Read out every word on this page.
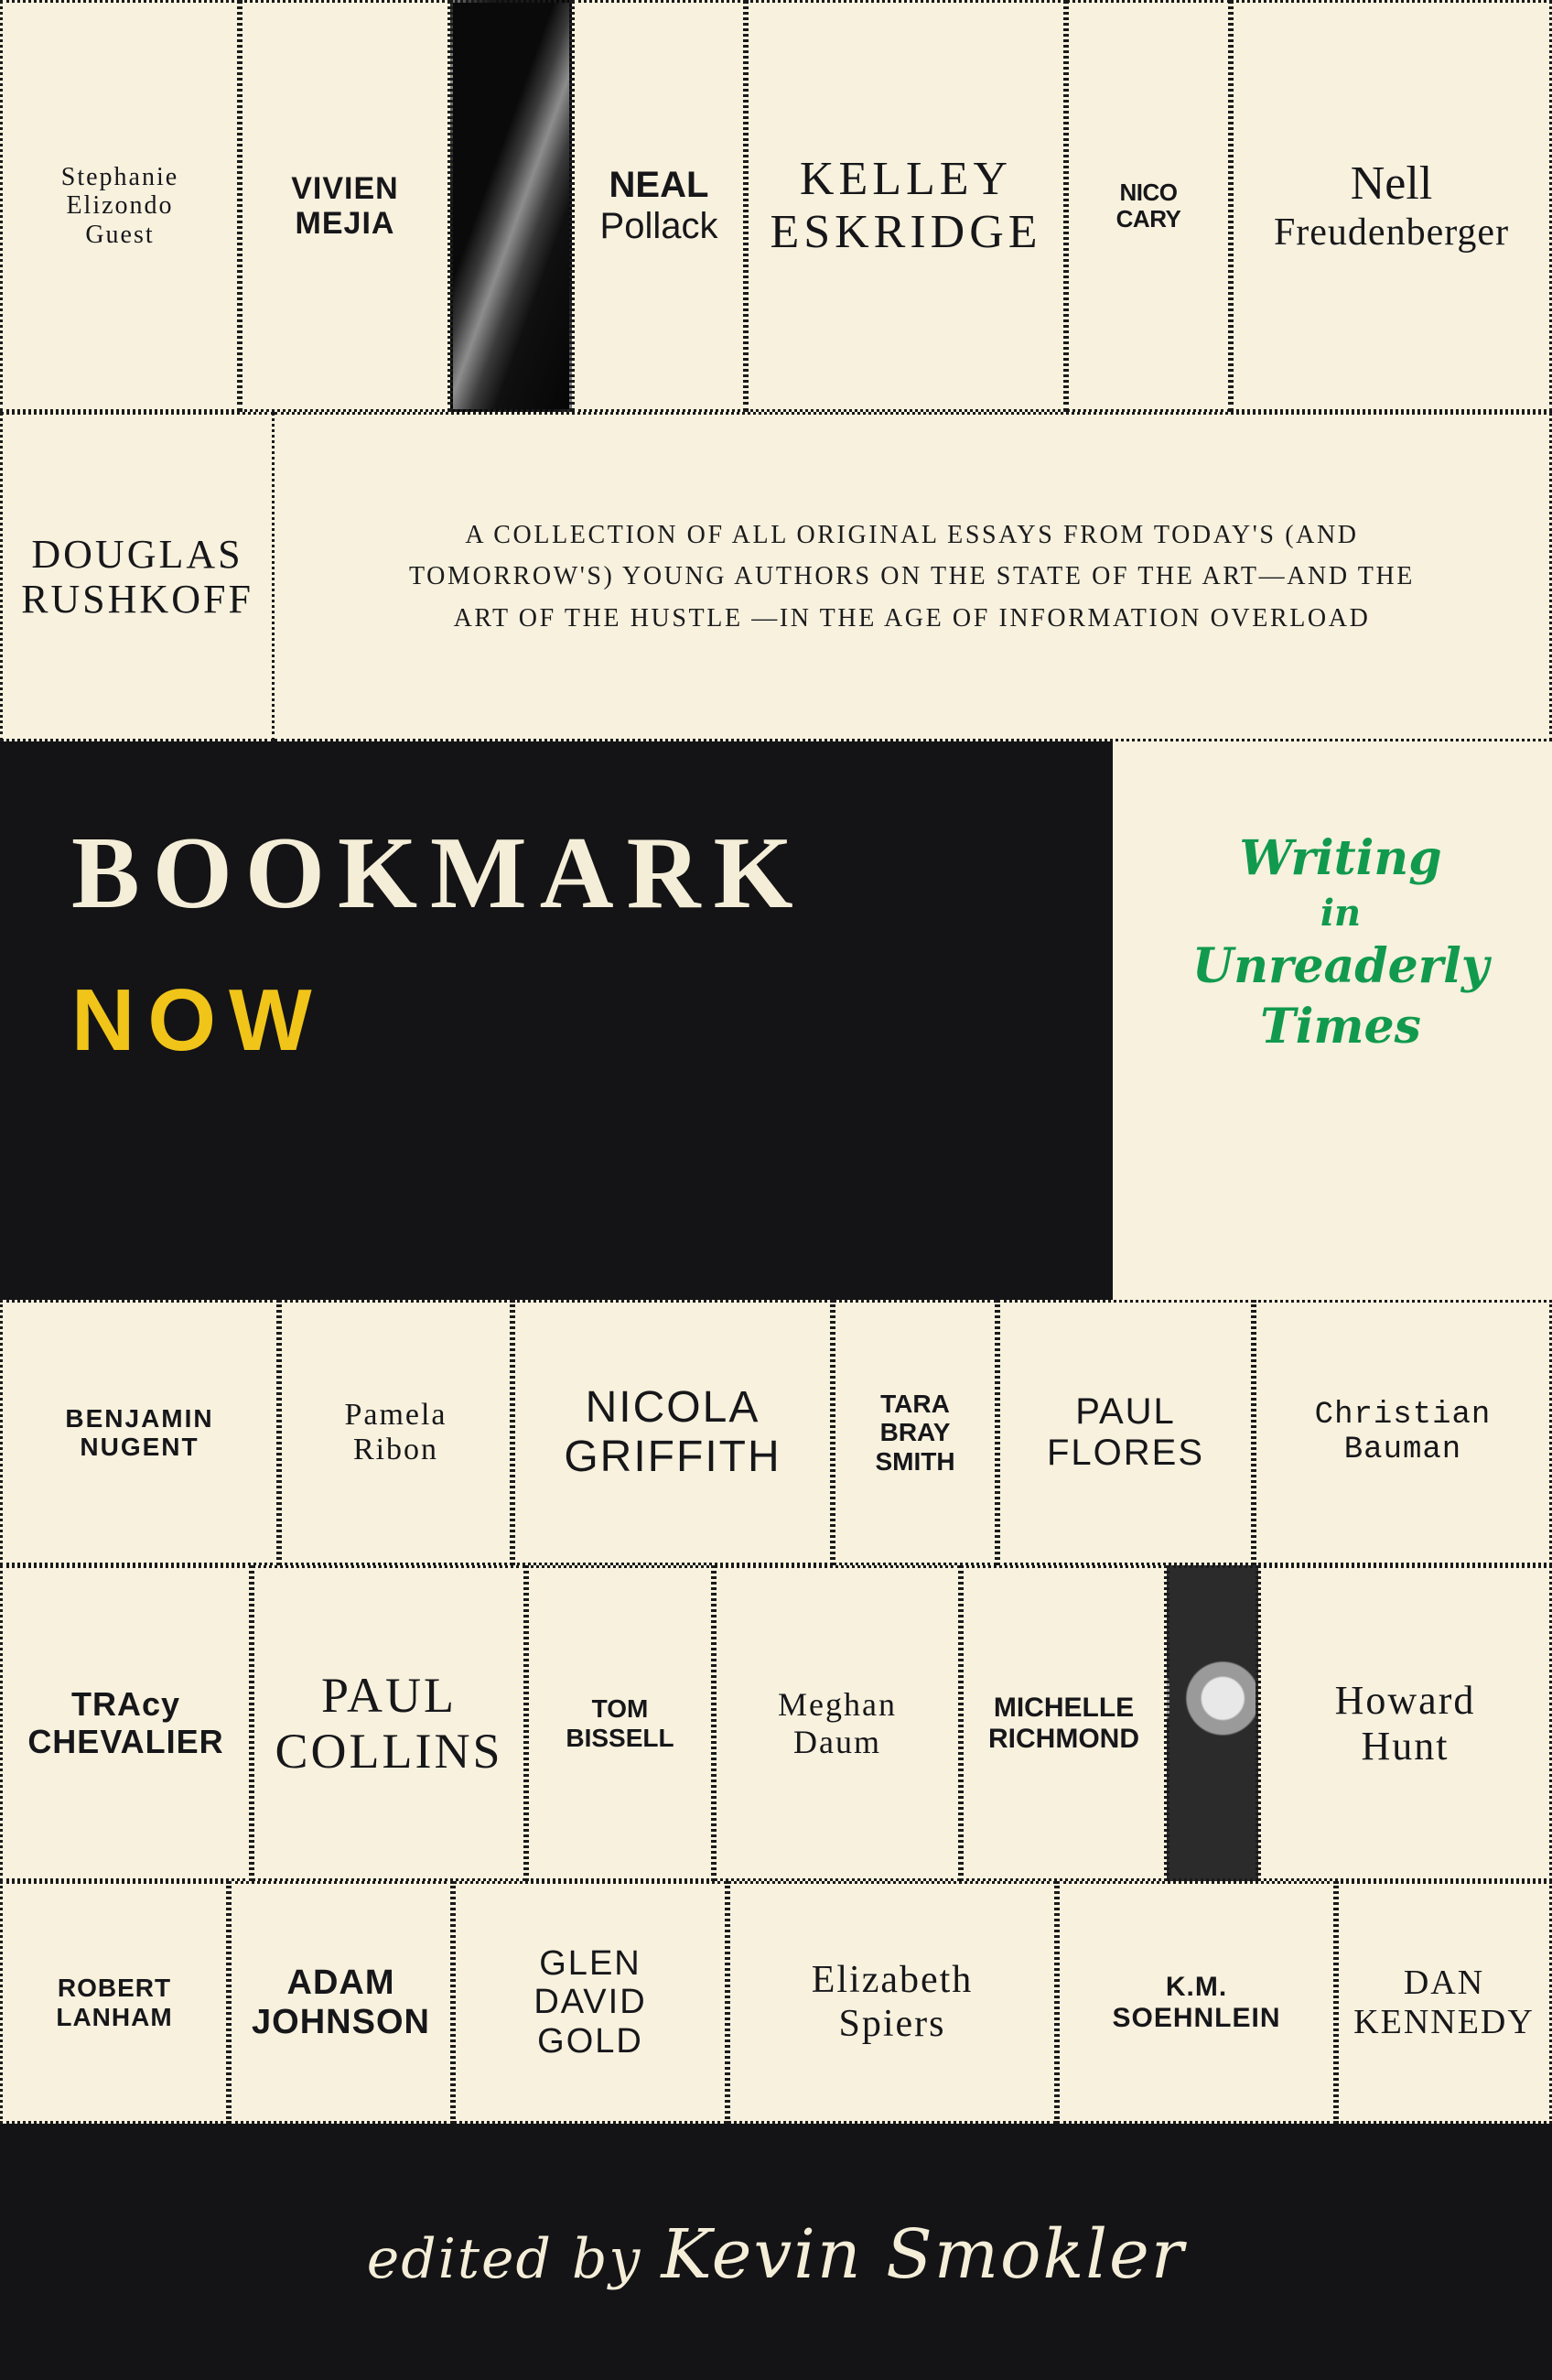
Stephanie
Elizondo
Guest
VIVIEN
MEJIA
NEAL
Pollack
KELLEY
ESKRIDGE
NICO
CARY
Nell
Freudenberger
DOUGLAS
RUSHKOFF
A COLLECTION OF ALL ORIGINAL ESSAYS FROM TODAY'S (AND TOMORROW'S) YOUNG AUTHORS ON THE STATE OF THE ART—AND THE ART OF THE HUSTLE —IN THE AGE OF INFORMATION OVERLOAD
BOOKMARK
NOW
Writing
in
Unreaderly
Times
BENJAMIN
NUGENT
Pamela
Ribon
NICOLA
GRIFFITH
TARA
BRAY
SMITH
PAUL
FLORES
Christian
Bauman
TRAcy
CHEVALIER
PAUL
COLLINS
TOM
BISSELL
Meghan
Daum
MICHELLE
RICHMOND
Howard
Hunt
ROBERT
LANHAM
ADAM
JOHNSON
GLEN
DAVID
GOLD
Elizabeth
Spiers
K.M.
SOEHNLEIN
DAN
KENNEDY
edited by Kevin Smokler
